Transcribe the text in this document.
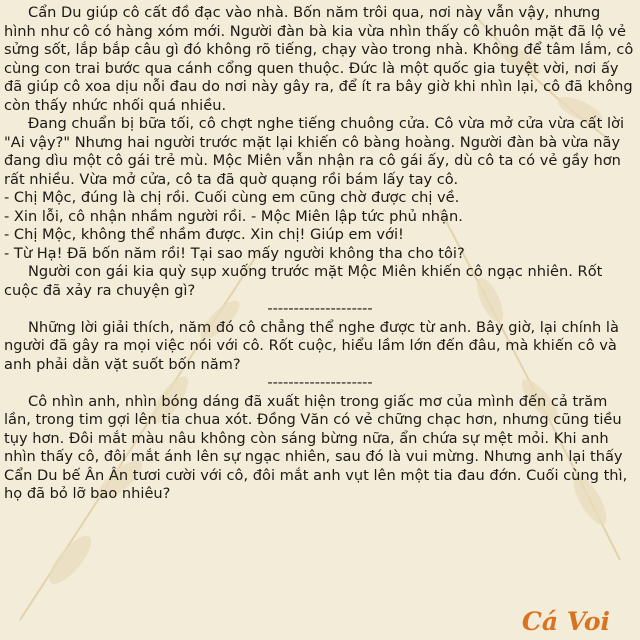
Cẩn Du giúp cô cất đồ đạc vào nhà. Bốn năm trôi qua, nơi này vẫn vậy, nhưng hình như cô có hàng xóm mới. Người đàn bà kia vừa nhìn thấy cô khuôn mặt đã lộ vẻ sửng sốt, lắp bắp câu gì đó không rõ tiếng, chạy vào trong nhà. Không để tâm lắm, cô cùng con trai bước qua cánh cổng quen thuộc. Đức là một quốc gia tuyệt vời, nơi ấy đã giúp cô xoa dịu nỗi đau do nơi này gây ra, để ít ra bây giờ khi nhìn lại, cô đã không còn thấy nhức nhối quá nhiều.

Đang chuẩn bị bữa tối, cô chợt nghe tiếng chuông cửa. Cô vừa mở cửa vừa cất lời "Ai vậy?" Nhưng hai người trước mặt lại khiến cô bàng hoàng. Người đàn bà vừa nãy đang dìu một cô gái trẻ mù. Mộc Miên vẫn nhận ra cô gái ấy, dù cô ta có vẻ gầy hơn rất nhiều. Vừa mở cửa, cô ta đã quờ quạng rồi bám lấy tay cô.

- Chị Mộc, đúng là chị rồi. Cuối cùng em cũng chờ được chị về.

- Xin lỗi, cô nhận nhầm người rồi. - Mộc Miên lập tức phủ nhận.

- Chị Mộc, không thể nhầm được. Xin chị! Giúp em với!

- Từ Hạ! Đã bốn năm rồi! Tại sao mấy người không tha cho tôi?

Người con gái kia quỳ sụp xuống trước mặt Mộc Miên khiến cô ngạc nhiên. Rốt cuộc đã xảy ra chuyện gì?

--------------------

Những lời giải thích, năm đó cô chẳng thể nghe được từ anh. Bây giờ, lại chính là người đã gây ra mọi việc nói với cô. Rốt cuộc, hiểu lầm lớn đến đâu, mà khiến cô và anh phải dằn vặt suốt bốn năm?

--------------------

Cô nhìn anh, nhìn bóng dáng đã xuất hiện trong giấc mơ của mình đến cả trăm lần, trong tim gợi lên tia chua xót. Đồng Văn có vẻ chững chạc hơn, nhưng cũng tiều tụy hơn. Đôi mắt màu nâu không còn sáng bừng nữa, ẩn chứa sự mệt mỏi. Khi anh nhìn thấy cô, đôi mắt ánh lên sự ngạc nhiên, sau đó là vui mừng. Nhưng anh lại thấy Cẩn Du bế Ân Ân tươi cười với cô, đôi mắt anh vụt lên một tia đau đớn. Cuối cùng thì, họ đã bỏ lỡ bao nhiêu?

Cá Voi
